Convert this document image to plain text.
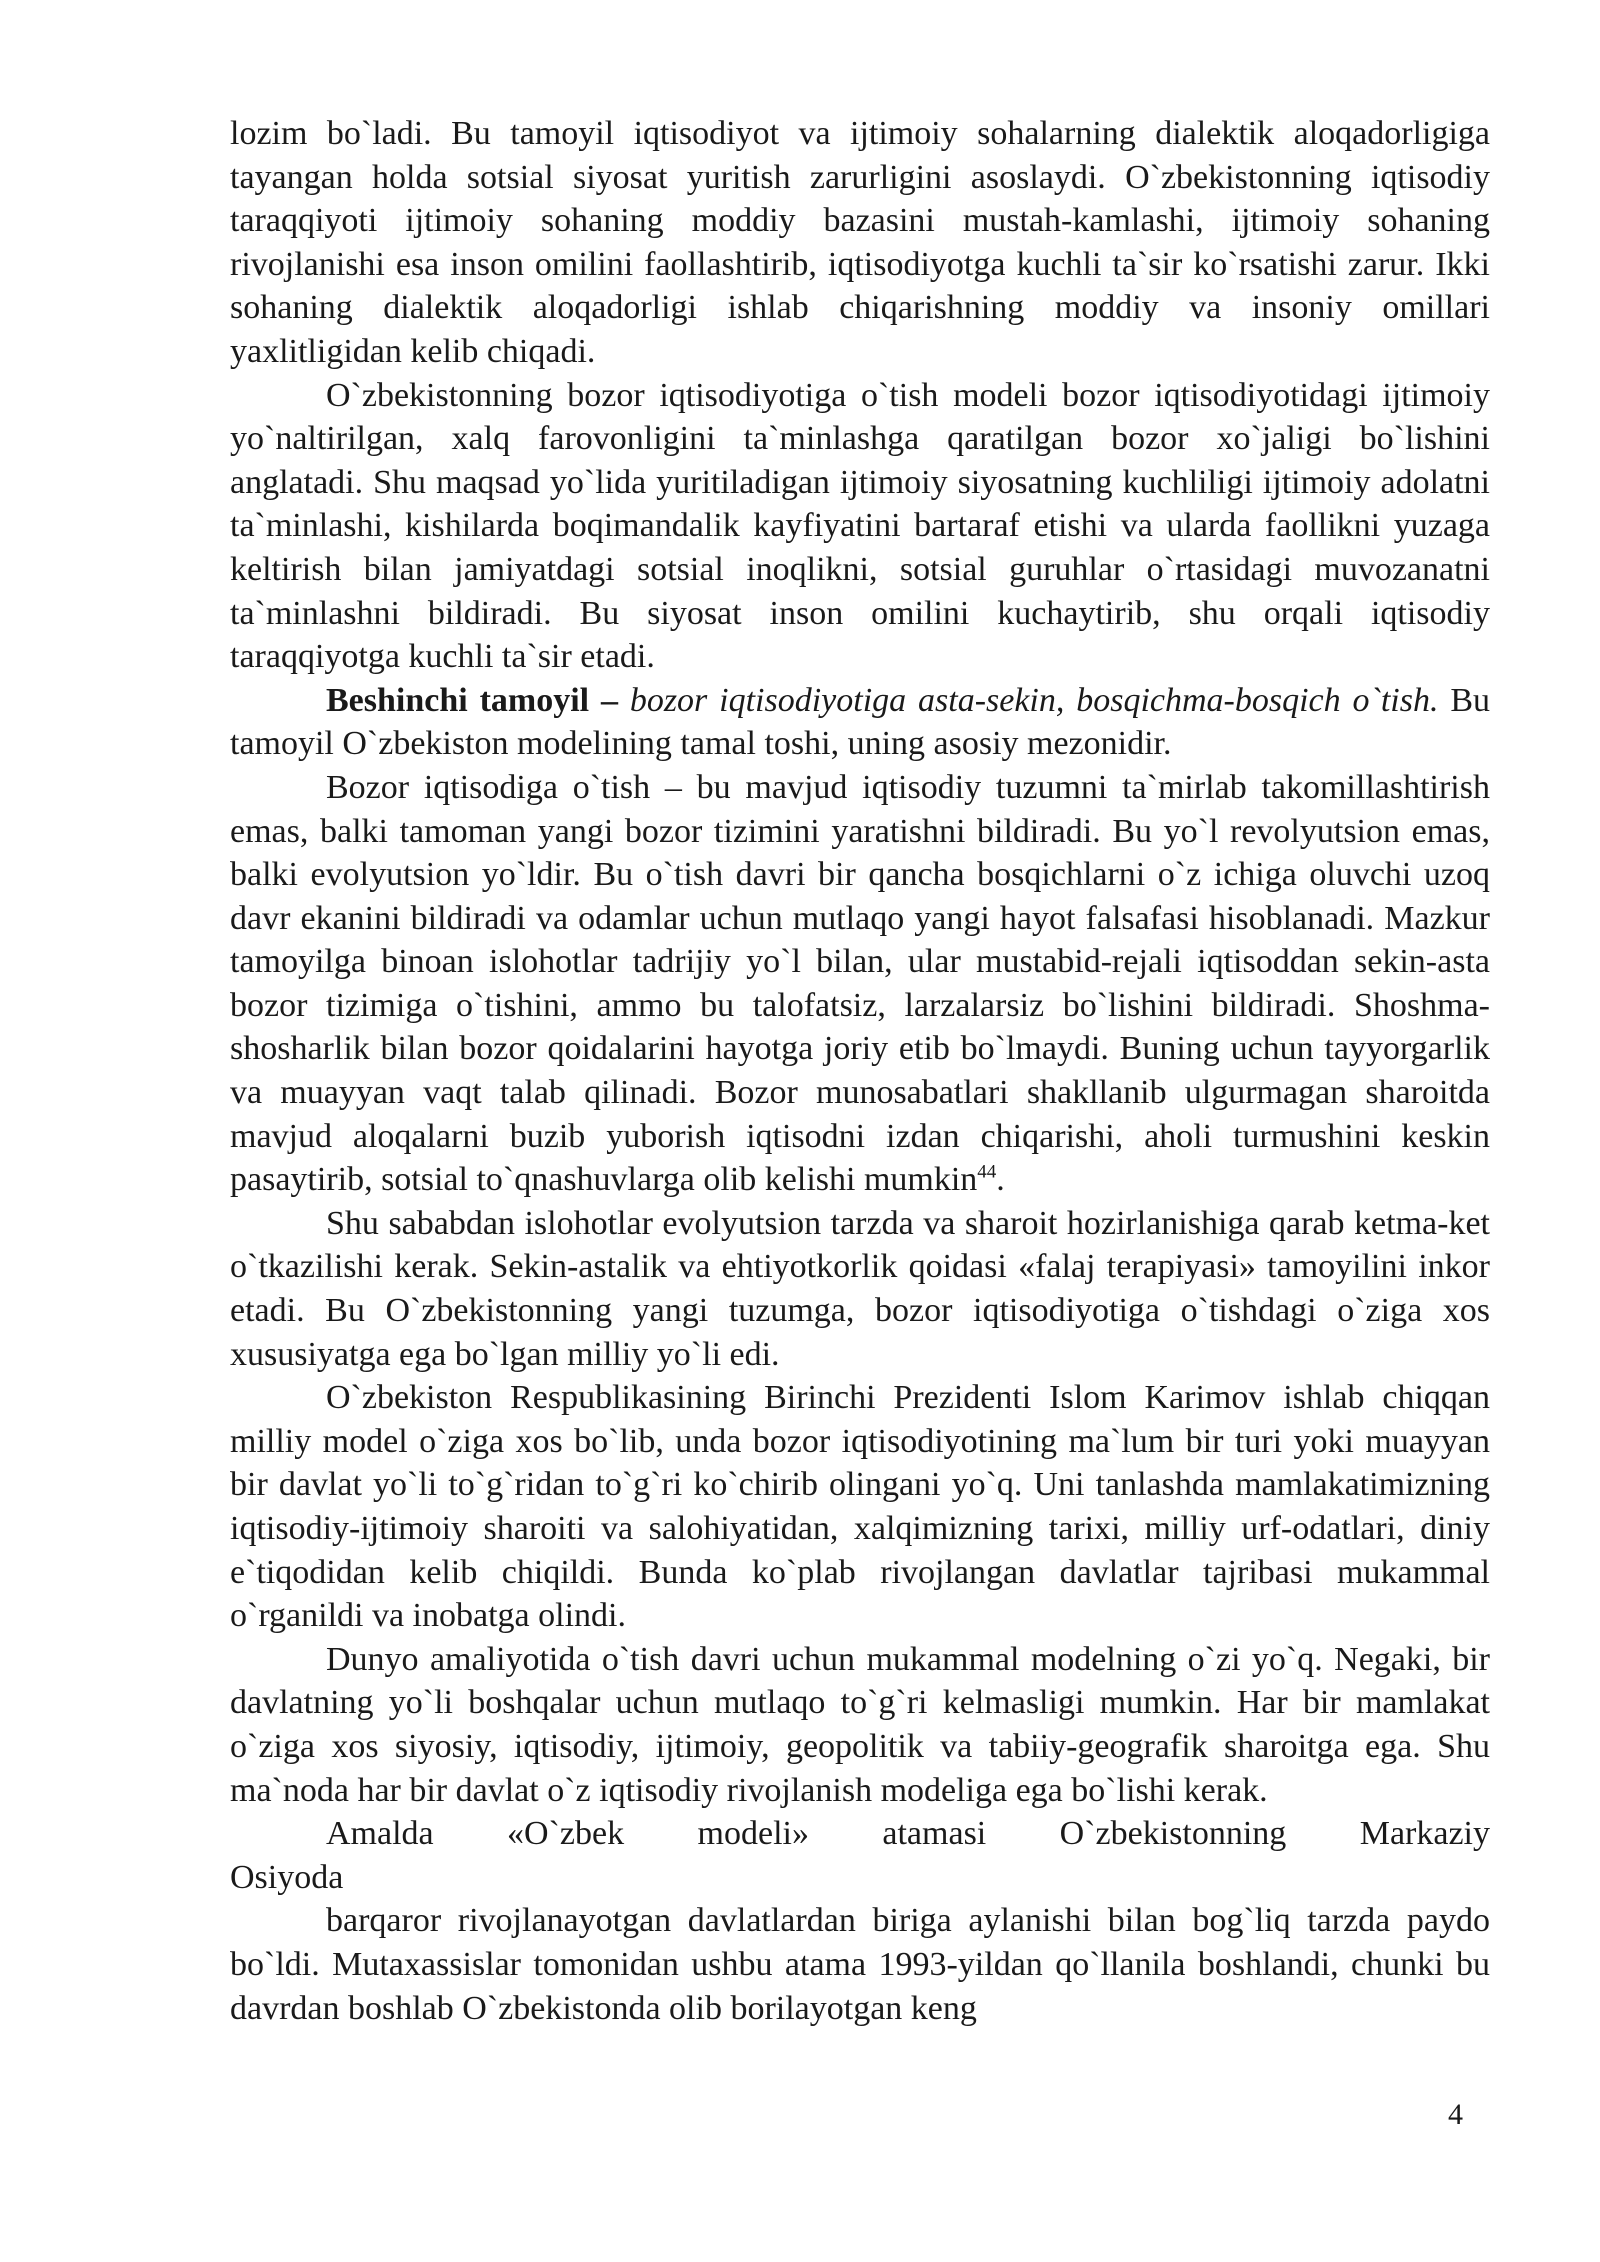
lozim bo`ladi. Bu tamoyil iqtisodiyot va ijtimoiy sohalarning dialektik aloqadorligiga tayangan holda sotsial siyosat yuritish zarurligini asoslaydi. O`zbekistonning iqtisodiy taraqqiyoti ijtimoiy sohaning moddiy bazasini mustah-kamlashi, ijtimoiy sohaning rivojlanishi esa inson omilini faollashtirib, iqtisodiyotga kuchli ta`sir ko`rsatishi zarur. Ikki sohaning dialektik aloqadorligi ishlab chiqarishning moddiy va insoniy omillari yaxlitligidan kelib chiqadi.

O`zbekistonning bozor iqtisodiyotiga o`tish modeli bozor iqtisodiyotidagi ijtimoiy yo`naltirilgan, xalq farovonligini ta`minlashga qaratilgan bozor xo`jaligi bo`lishini anglatadi. Shu maqsad yo`lida yuritiladigan ijtimoiy siyosatning kuchliligi ijtimoiy adolatni ta`minlashi, kishilarda boqimandalik kayfiyatini bartaraf etishi va ularda faollikni yuzaga keltirish bilan jamiyatdagi sotsial inoqlikni, sotsial guruhlar o`rtasidagi muvozanatni ta`minlashni bildiradi. Bu siyosat inson omilini kuchaytirib, shu orqali iqtisodiy taraqqiyotga kuchli ta`sir etadi.

Beshinchi tamoyil – bozor iqtisodiyotiga asta-sekin, bosqichma-bosqich o`tish. Bu tamoyil O`zbekiston modelining tamal toshi, uning asosiy mezonidir.

Bozor iqtisodiga o`tish – bu mavjud iqtisodiy tuzumni ta`mirlab takomillashtirish emas, balki tamoman yangi bozor tizimini yaratishni bildiradi. Bu yo`l revolyutsion emas, balki evolyutsion yo`ldir. Bu o`tish davri bir qancha bosqichlarni o`z ichiga oluvchi uzoq davr ekanini bildiradi va odamlar uchun mutlaqo yangi hayot falsafasi hisoblanadi. Mazkur tamoyilga binoan islohotlar tadrijiy yo`l bilan, ular mustabid-rejali iqtisoddan sekin-asta bozor tizimiga o`tishini, ammo bu talofatsiz, larzalarsiz bo`lishini bildiradi. Shoshma-shosharlik bilan bozor qoidalarini hayotga joriy etib bo`lmaydi. Buning uchun tayyorgarlik va muayyan vaqt talab qilinadi. Bozor munosabatlari shakllanib ulgurmagan sharoitda mavjud aloqalarni buzib yuborish iqtisodni izdan chiqarishi, aholi turmushini keskin pasaytirib, sotsial to`qnashuvlarga olib kelishi mumkin$^{44}$.

Shu sababdan islohotlar evolyutsion tarzda va sharoit hozirlanishiga qarab ketma-ket o`tkazilishi kerak. Sekin-astalik va ehtiyotkorlik qoidasi «falaj terapiyasi» tamoyilini inkor etadi. Bu O`zbekistonning yangi tuzumga, bozor iqtisodiyotiga o`tishdagi o`ziga xos xususiyatga ega bo`lgan milliy yo`li edi.

O`zbekiston Respublikasining Birinchi Prezidenti Islom Karimov ishlab chiqqan milliy model o`ziga xos bo`lib, unda bozor iqtisodiyotining ma`lum bir turi yoki muayyan bir davlat yo`li to`g`ridan to`g`ri ko`chirib olingani yo`q. Uni tanlashda mamlakatimizning iqtisodiy-ijtimoiy sharoiti va salohiyatidan, xalqimizning tarixi, milliy urf-odatlari, diniy e`tiqodidan kelib chiqildi. Bunda ko`plab rivojlangan davlatlar tajribasi mukammal o`rganildi va inobatga olindi.

Dunyo amaliyotida o`tish davri uchun mukammal modelning o`zi yo`q. Negaki, bir davlatning yo`li boshqalar uchun mutlaqo to`g`ri kelmasligi mumkin. Har bir mamlakat o`ziga xos siyosiy, iqtisodiy, ijtimoiy, geopolitik va tabiiy-geografik sharoitga ega. Shu ma`noda har bir davlat o`z iqtisodiy rivojlanish modeliga ega bo`lishi kerak.

Amalda «O`zbek modeli» atamasi O`zbekistonning Markaziy

Osiyoda

barqaror rivojlanayotgan davlatlardan biriga aylanishi bilan bog`liq tarzda paydo bo`ldi. Mutaxassislar tomonidan ushbu atama 1993-yildan qo`llanila boshlandi, chunki bu davrdan boshlab O`zbekistonda olib borilayotgan keng

4
